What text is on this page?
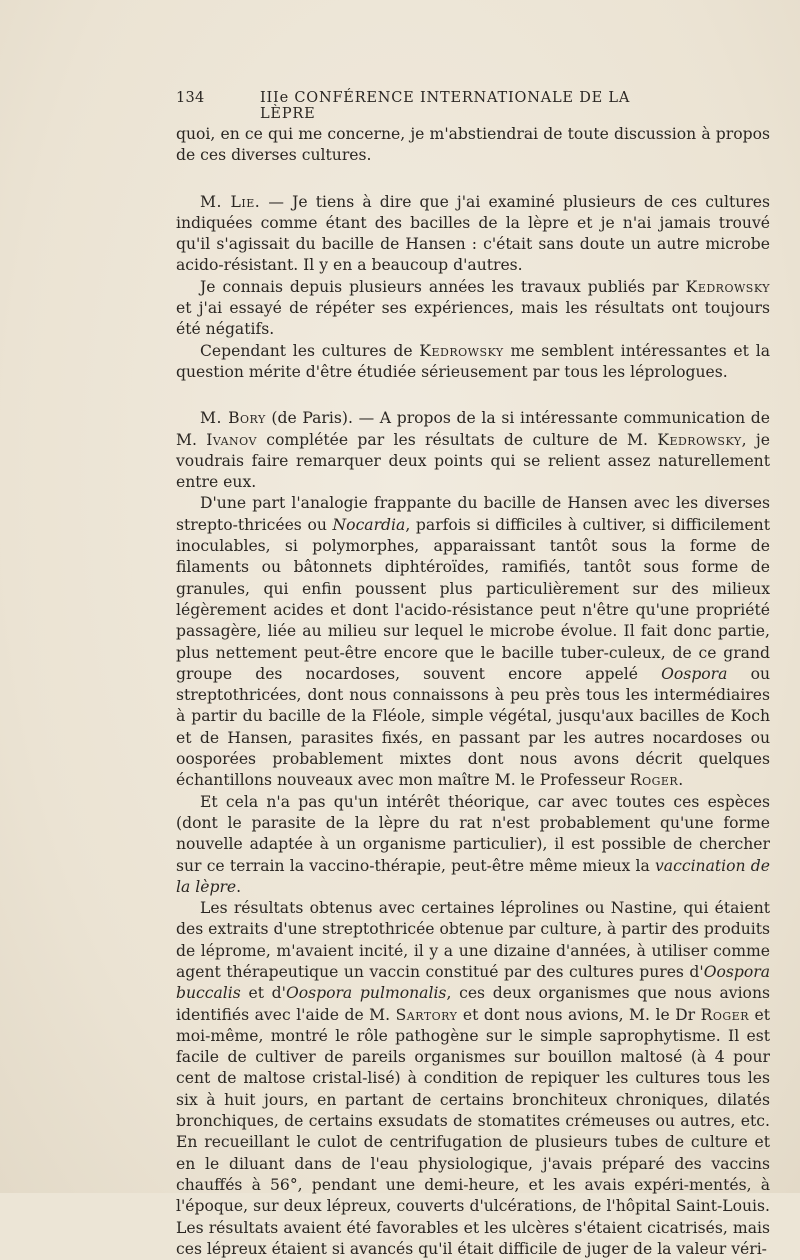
134	IIIe CONFÉRENCE INTERNATIONALE DE LA LÈPRE

quoi, en ce qui me concerne, je m'abstiendrai de toute discussion à propos de ces diverses cultures.

M. Lie. — Je tiens à dire que j'ai examiné plusieurs de ces cultures indiquées comme étant des bacilles de la lèpre et je n'ai jamais trouvé qu'il s'agissait du bacille de Hansen : c'était sans doute un autre microbe acido-résistant. Il y en a beaucoup d'autres.

Je connais depuis plusieurs années les travaux publiés par Kedrowsky et j'ai essayé de répéter ses expériences, mais les résultats ont toujours été négatifs.

Cependant les cultures de Kedrowsky me semblent intéressantes et la question mérite d'être étudiée sérieusement par tous les léprologues.

M. Bory (de Paris). — A propos de la si intéressante communication de M. Ivanov complétée par les résultats de culture de M. Kedrowsky, je voudrais faire remarquer deux points qui se relient assez naturellement entre eux.

D'une part l'analogie frappante du bacille de Hansen avec les diverses strepto-thricées ou Nocardia, parfois si difficiles à cultiver, si difficilement inoculables, si polymorphes, apparaissant tantôt sous la forme de filaments ou bâtonnets diphtéroïdes, ramifiés, tantôt sous forme de granules, qui enfin poussent plus particulièrement sur des milieux légèrement acides et dont l'acido-résistance peut n'être qu'une propriété passagère, liée au milieu sur lequel le microbe évolue. Il fait donc partie, plus nettement peut-être encore que le bacille tuber-culeux, de ce grand groupe des nocardoses, souvent encore appelé Oospora ou streptothricées, dont nous connaissons à peu près tous les intermédiaires à partir du bacille de la Fléole, simple végétal, jusqu'aux bacilles de Koch et de Hansen, parasites fixés, en passant par les autres nocardoses ou oosporées probablement mixtes dont nous avons décrit quelques échantillons nouveaux avec mon maître M. le Professeur Roger.

Et cela n'a pas qu'un intérêt théorique, car avec toutes ces espèces (dont le parasite de la lèpre du rat n'est probablement qu'une forme nouvelle adaptée à un organisme particulier), il est possible de chercher sur ce terrain la vaccino-thérapie, peut-être même mieux la vaccination de la lèpre.

Les résultats obtenus avec certaines léprolines ou Nastine, qui étaient des extraits d'une streptothricée obtenue par culture, à partir des produits de léprome, m'avaient incité, il y a une dizaine d'années, à utiliser comme agent thérapeutique un vaccin constitué par des cultures pures d'Oospora buccalis et d'Oospora pulmonalis, ces deux organismes que nous avions identifiés avec l'aide de M. Sartory et dont nous avions, M. le Dr Roger et moi-même, montré le rôle pathogène sur le simple saprophytisme. Il est facile de cultiver de pareils organismes sur bouillon maltosé (à 4 pour cent de maltose cristal-lisé) à condition de repiquer les cultures tous les six à huit jours, en partant de certains bronchiteux chroniques, dilatés bronchiques, de certains exsudats de stomatites crémeuses ou autres, etc. En recueillant le culot de centrifugation de plusieurs tubes de culture et en le diluant dans de l'eau physiologique, j'avais préparé des vaccins chauffés à 56°, pendant une demi-heure, et les avais expéri-mentés, à l'époque, sur deux lépreux, couverts d'ulcérations, de l'hôpital Saint-Louis. Les résultats avaient été favorables et les ulcères s'étaient cicatrisés, mais ces lépreux étaient si avancés qu'il était difficile de juger de la valeur véri-
